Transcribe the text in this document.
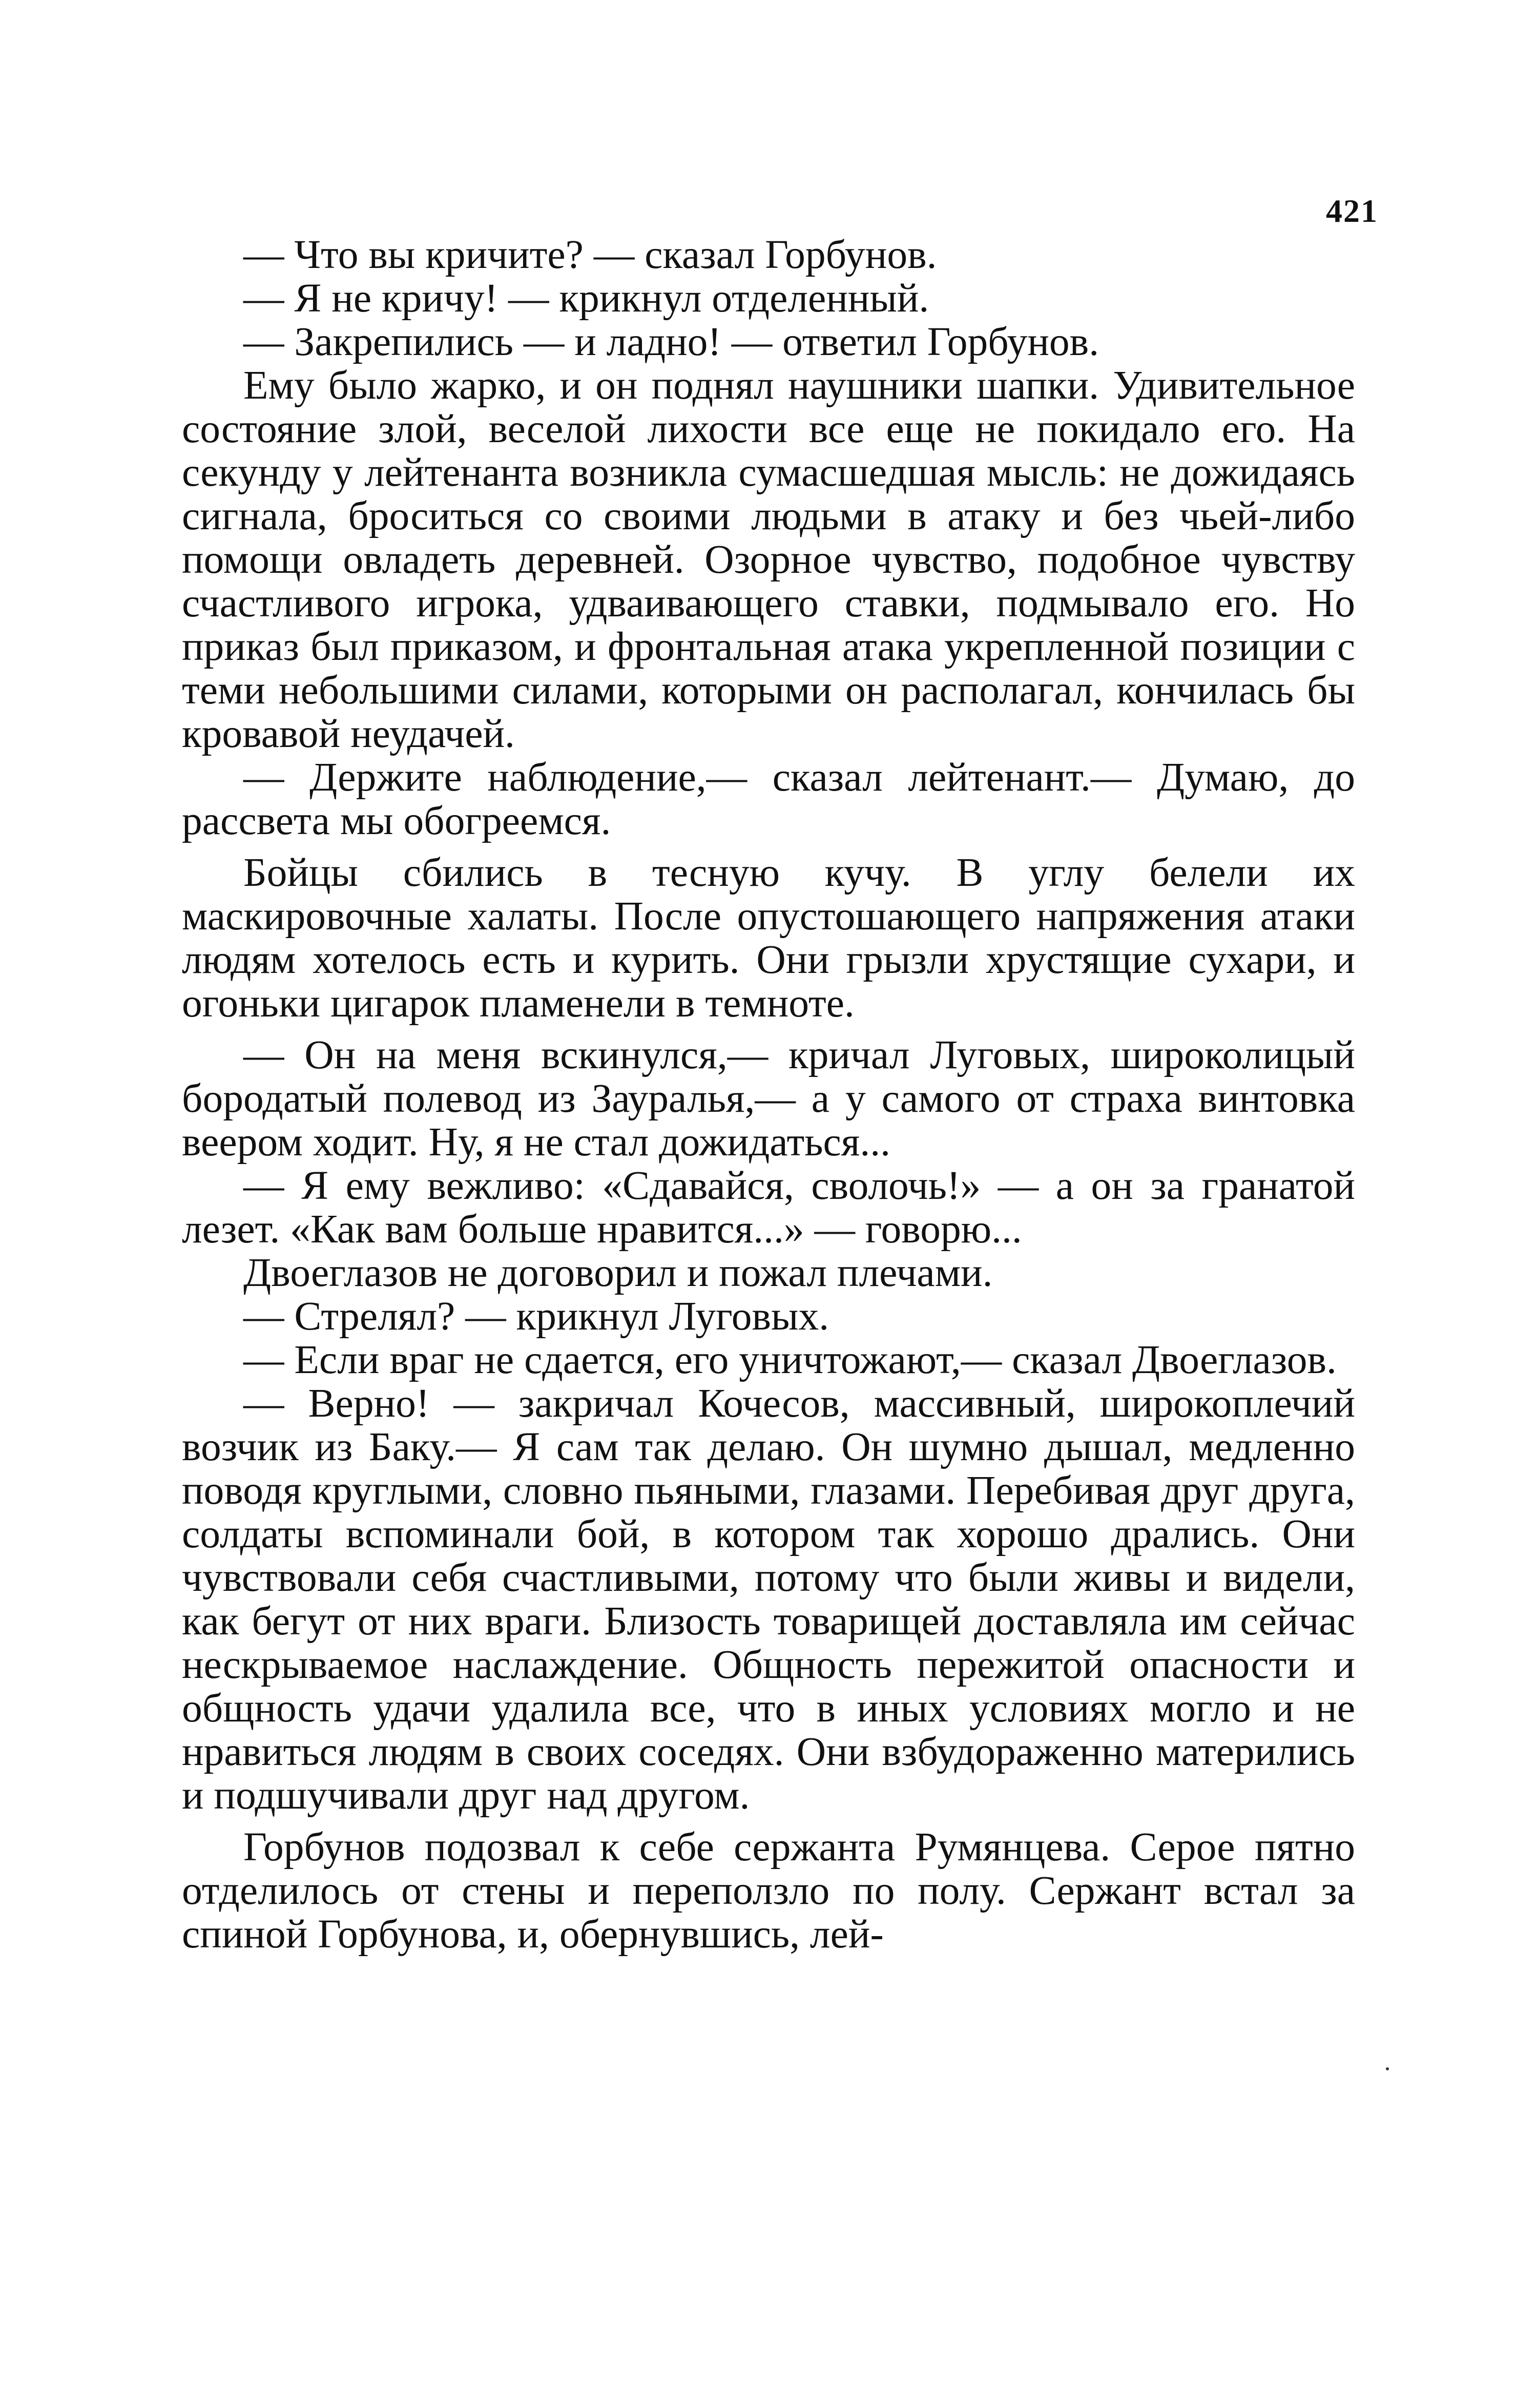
421

— Что вы кричите? — сказал Горбунов.

— Я не кричу! — крикнул отделенный.

— Закрепились — и ладно! — ответил Горбунов.

Ему было жарко, и он поднял наушники шапки. Удивительное состояние злой, веселой лихости все еще не покидало его. На секунду у лейтенанта возникла сумасшедшая мысль: не дожидаясь сигнала, броситься со своими людьми в атаку и без чьей-либо помощи овладеть деревней. Озорное чувство, подобное чувству счастливого игрока, удваивающего ставки, подмывало его. Но приказ был приказом, и фронтальная атака укрепленной позиции с теми небольшими силами, которыми он располагал, кончилась бы кровавой неудачей.

— Держите наблюдение,— сказал лейтенант.— Думаю, до рассвета мы обогреемся.

Бойцы сбились в тесную кучу. В углу белели их маскировочные халаты. После опустошающего напряжения атаки людям хотелось есть и курить. Они грызли хрустящие сухари, и огоньки цигарок пламенели в темноте.

— Он на меня вскинулся,— кричал Луговых, широколицый бородатый полевод из Зауралья,— а у самого от страха винтовка веером ходит. Ну, я не стал дожидаться...

— Я ему вежливо: «Сдавайся, сволочь!» — а он за гранатой лезет. «Как вам больше нравится...» — говорю...

Двоеглазов не договорил и пожал плечами.

— Стрелял? — крикнул Луговых.

— Если враг не сдается, его уничтожают,— сказал Двоеглазов.

— Верно! — закричал Кочесов, массивный, широкоплечий возчик из Баку.— Я сам так делаю. Он шумно дышал, медленно поводя круглыми, словно пьяными, глазами. Перебивая друг друга, солдаты вспоминали бой, в котором так хорошо дрались. Они чувствовали себя счастливыми, потому что были живы и видели, как бегут от них враги. Близость товарищей доставляла им сейчас нескрываемое наслаждение. Общность пережитой опасности и общность удачи удалила все, что в иных условиях могло и не нравиться людям в своих соседях. Они взбудораженно матерились и подшучивали друг над другом.

Горбунов подозвал к себе сержанта Румянцева. Серое пятно отделилось от стены и переползло по полу. Сержант встал за спиной Горбунова, и, обернувшись, лей-
